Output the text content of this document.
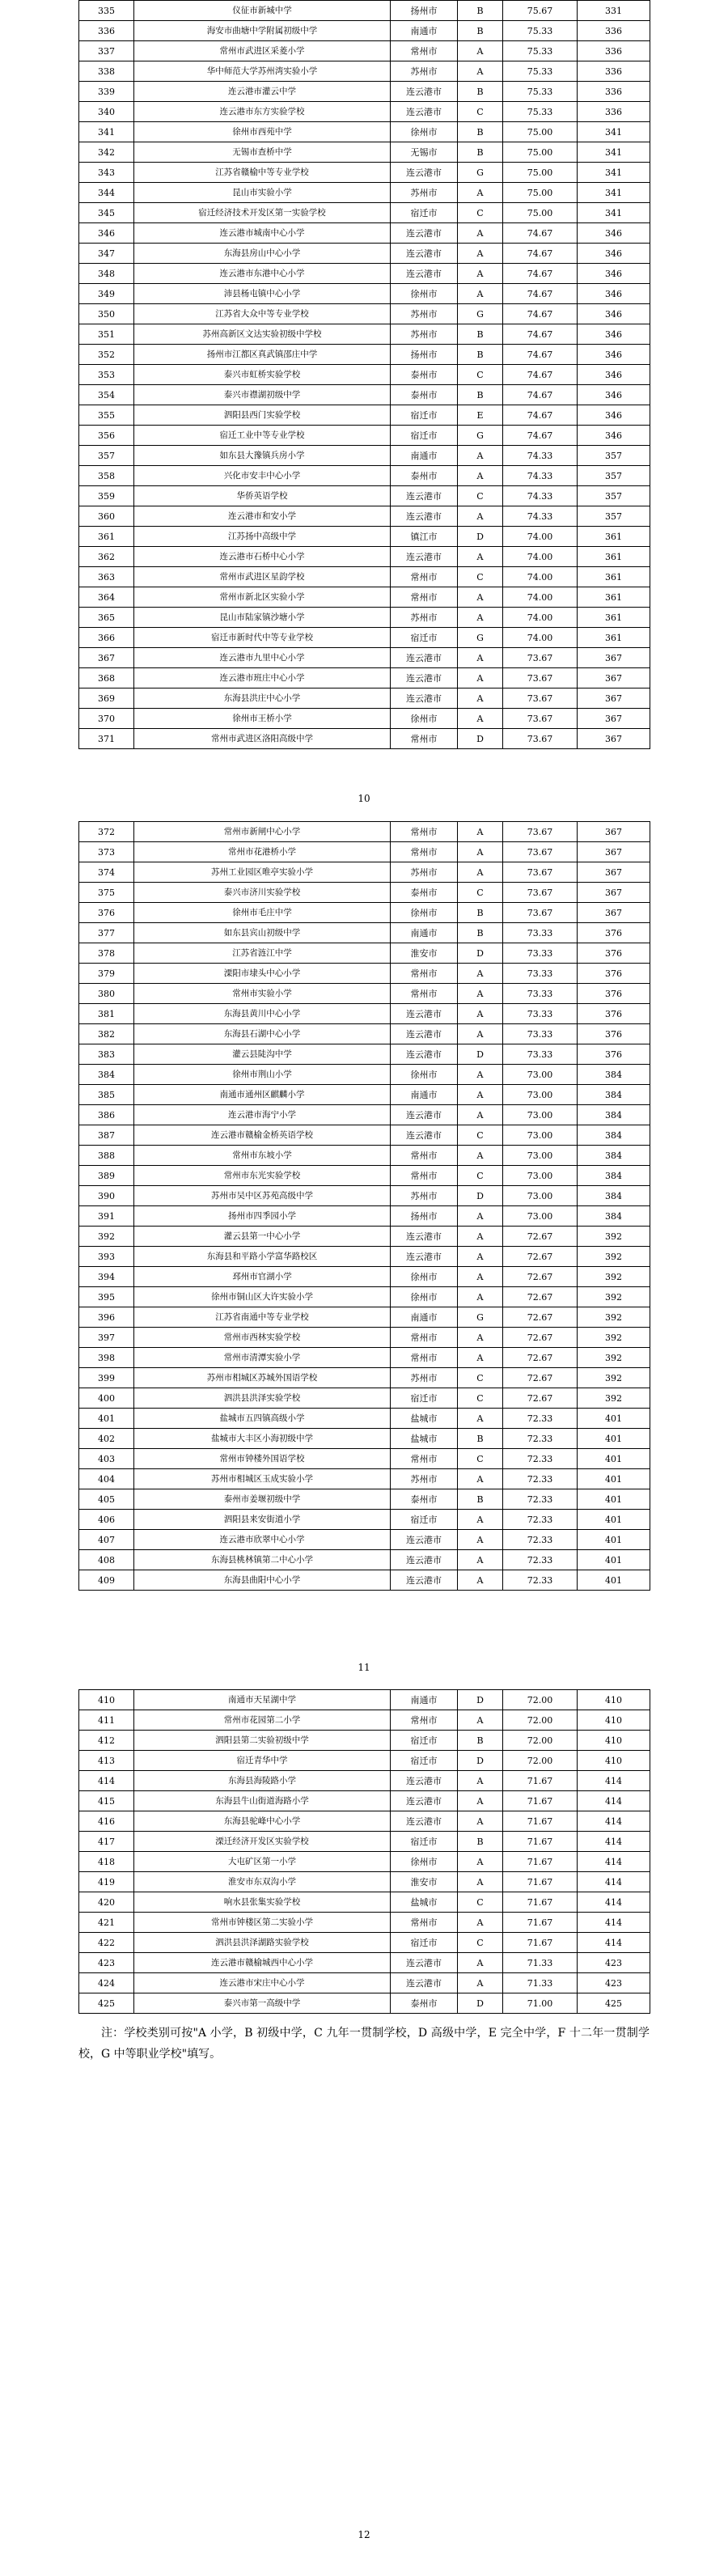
335	仪征市新城中学	扬州市	B	75.67	331
336	海安市曲塘中学附属初级中学	南通市	B	75.33	336
337	常州市武进区采菱小学	常州市	A	75.33	336
338	华中师范大学苏州湾实验小学	苏州市	A	75.33	336
339	连云港市灌云中学	连云港市	B	75.33	336
340	连云港市东方实验学校	连云港市	C	75.33	336
341	徐州市西苑中学	徐州市	B	75.00	341
342	无锡市查桥中学	无锡市	B	75.00	341
343	江苏省赣榆中等专业学校	连云港市	G	75.00	341
344	昆山市实验小学	苏州市	A	75.00	341
345	宿迁经济技术开发区第一实验学校	宿迁市	C	75.00	341
346	连云港市城南中心小学	连云港市	A	74.67	346
347	东海县房山中心小学	连云港市	A	74.67	346
348	连云港市东港中心小学	连云港市	A	74.67	346
349	沛县杨屯镇中心小学	徐州市	A	74.67	346
350	江苏省大众中等专业学校	苏州市	G	74.67	346
351	苏州高新区文达实验初级中学校	苏州市	B	74.67	346
352	扬州市江都区真武镇邵庄中学	扬州市	B	74.67	346
353	泰兴市虹桥实验学校	泰州市	C	74.67	346
354	泰兴市襟湖初级中学	泰州市	B	74.67	346
355	泗阳县西门实验学校	宿迁市	E	74.67	346
356	宿迁工业中等专业学校	宿迁市	G	74.67	346
357	如东县大豫镇兵房小学	南通市	A	74.33	357
358	兴化市安丰中心小学	泰州市	A	74.33	357
359	华侨英语学校	连云港市	C	74.33	357
360	连云港市和安小学	连云港市	A	74.33	357
361	江苏扬中高级中学	镇江市	D	74.00	361
362	连云港市石桥中心小学	连云港市	A	74.00	361
363	常州市武进区星韵学校	常州市	C	74.00	361
364	常州市新北区实验小学	常州市	A	74.00	361
365	昆山市陆家镇沙塘小学	苏州市	A	74.00	361
366	宿迁市新时代中等专业学校	宿迁市	G	74.00	361
367	连云港市九里中心小学	连云港市	A	73.67	367
368	连云港市班庄中心小学	连云港市	A	73.67	367
369	东海县洪庄中心小学	连云港市	A	73.67	367
370	徐州市王桥小学	徐州市	A	73.67	367
371	常州市武进区洛阳高级中学	常州市	D	73.67	367
10
372	常州市新闸中心小学	常州市	A	73.67	367
373	常州市花港桥小学	常州市	A	73.67	367
374	苏州工业园区唯亭实验小学	苏州市	A	73.67	367
375	泰兴市济川实验学校	泰州市	C	73.67	367
376	徐州市毛庄中学	徐州市	B	73.67	367
377	如东县宾山初级中学	南通市	B	73.33	376
378	江苏省涟江中学	淮安市	D	73.33	376
379	溧阳市埭头中心小学	常州市	A	73.33	376
380	常州市实验小学	常州市	A	73.33	376
381	东海县黄川中心小学	连云港市	A	73.33	376
382	东海县石湖中心小学	连云港市	A	73.33	376
383	灌云县陡沟中学	连云港市	D	73.33	376
384	徐州市荆山小学	徐州市	A	73.00	384
385	南通市通州区麒麟小学	南通市	A	73.00	384
386	连云港市海宁小学	连云港市	A	73.00	384
387	连云港市赣榆金桥英语学校	连云港市	C	73.00	384
388	常州市东坡小学	常州市	A	73.00	384
389	常州市东光实验学校	常州市	C	73.00	384
390	苏州市吴中区苏苑高级中学	苏州市	D	73.00	384
391	扬州市四季园小学	扬州市	A	73.00	384
392	灌云县第一中心小学	连云港市	A	72.67	392
393	东海县和平路小学富华路校区	连云港市	A	72.67	392
394	邳州市官湖小学	徐州市	A	72.67	392
395	徐州市铜山区大许实验小学	徐州市	A	72.67	392
396	江苏省南通中等专业学校	南通市	G	72.67	392
397	常州市西林实验学校	常州市	A	72.67	392
398	常州市清潭实验小学	常州市	A	72.67	392
399	苏州市相城区苏城外国语学校	苏州市	C	72.67	392
400	泗洪县洪泽实验学校	宿迁市	C	72.67	392
401	盐城市五四镇高级小学	盐城市	A	72.33	401
402	盐城市大丰区小海初级中学	盐城市	B	72.33	401
403	常州市钟楼外国语学校	常州市	C	72.33	401
404	苏州市相城区玉成实验小学	苏州市	A	72.33	401
405	泰州市姜堰初级中学	泰州市	B	72.33	401
406	泗阳县来安街道小学	宿迁市	A	72.33	401
407	连云港市欣翠中心小学	连云港市	A	72.33	401
408	东海县桃林镇第二中心小学	连云港市	A	72.33	401
409	东海县曲阳中心小学	连云港市	A	72.33	401
11
410	南通市天星湖中学	南通市	D	72.00	410
411	常州市花园第二小学	常州市	A	72.00	410
412	泗阳县第二实验初级中学	宿迁市	B	72.00	410
413	宿迁青华中学	宿迁市	D	72.00	410
414	东海县海陵路小学	连云港市	A	71.67	414
415	东海县牛山街道海路小学	连云港市	A	71.67	414
416	东海县驼峰中心小学	连云港市	A	71.67	414
417	溧迁经济开发区实验学校	宿迁市	B	71.67	414
418	大屯矿区第一小学	徐州市	A	71.67	414
419	淮安市东双沟小学	淮安市	A	71.67	414
420	响水县张集实验学校	盐城市	C	71.67	414
421	常州市钟楼区第二实验小学	常州市	A	71.67	414
422	泗洪县洪泽湖路实验学校	宿迁市	C	71.67	414
423	连云港市赣榆城西中心小学	连云港市	A	71.33	423
424	连云港市宋庄中心小学	连云港市	A	71.33	423
425	泰兴市第一高级中学	泰州市	D	71.00	425
注：学校类别可按"A 小学，B 初级中学，C 九年一贯制学校，D 高级中学，E 完全中学，F 十二年一贯制学校，G 中等职业学校"填写。
12
